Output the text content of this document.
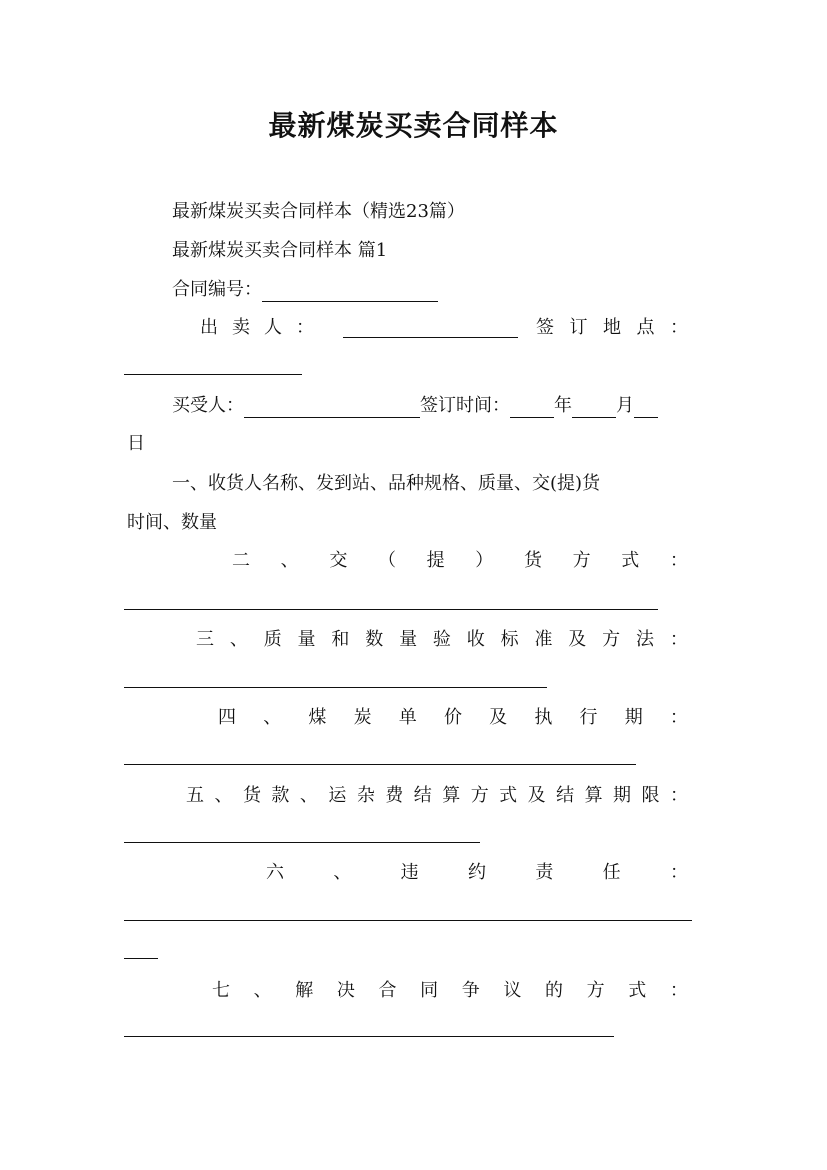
最新煤炭买卖合同样本
最新煤炭买卖合同样本（精选23篇）
最新煤炭买卖合同样本 篇1
合同编号：
出 卖 人 ：	签 订 地 点 ：
买受人：	签订时间： 年 月
日
一、收货人名称、发到站、品种规格、质量、交(提)货
时间、数量
二 、 交 （ 提 ） 货 方 式 ：
三 、 质 量 和 数 量 验 收 标 准 及 方 法 ：
四 、 煤 炭 单 价 及 执 行 期 ：
五 、 货 款 、 运 杂 费 结 算 方 式 及 结 算 期 限 ：
六	、	违	约	责	任	：
七 、 解 决 合 同 争 议 的 方 式 ：
